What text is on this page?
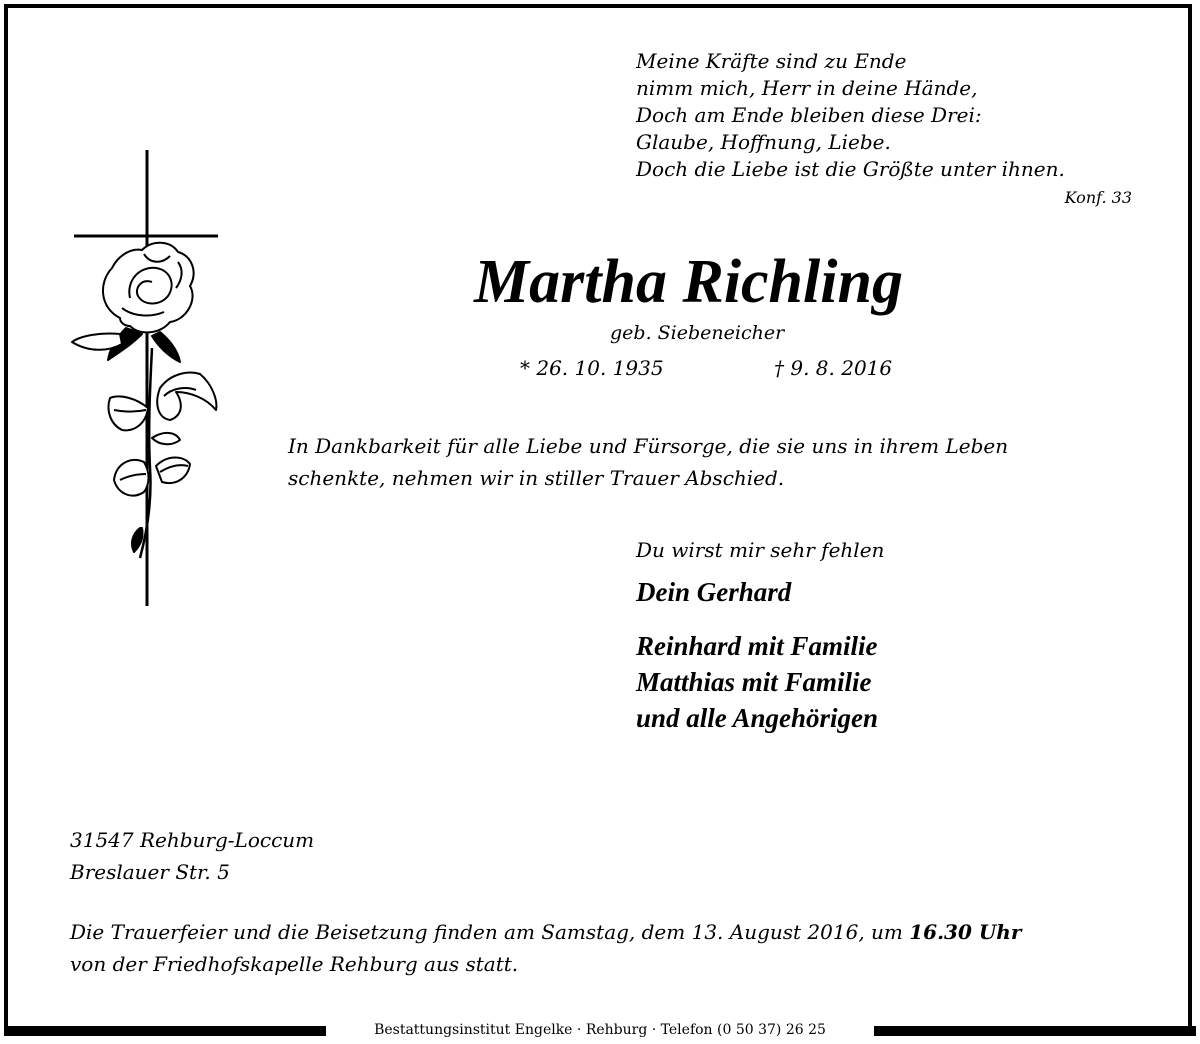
Bestattungsinstitut Engelke · Rehburg · Telefon (0 50 37) 26 25
Meine Kräfte sind zu Ende
nimm mich, Herr in deine Hände,
Doch am Ende bleiben diese Drei:
Glaube, Hoffnung, Liebe.
Doch die Liebe ist die Größte unter ihnen.
Konf. 33
Martha Richling
geb. Siebeneicher
* 26. 10. 1935	† 9. 8. 2016
In Dankbarkeit für alle Liebe und Fürsorge, die sie uns in ihrem Leben
schenkte, nehmen wir in stiller Trauer Abschied.
Du wirst mir sehr fehlen
Dein Gerhard
Reinhard mit Familie
Matthias mit Familie
und alle Angehörigen
31547 Rehburg-Loccum
Breslauer Str. 5
Die Trauerfeier und die Beisetzung finden am Samstag, dem 13. August 2016, um 16.30 Uhr
von der Friedhofskapelle Rehburg aus statt.
